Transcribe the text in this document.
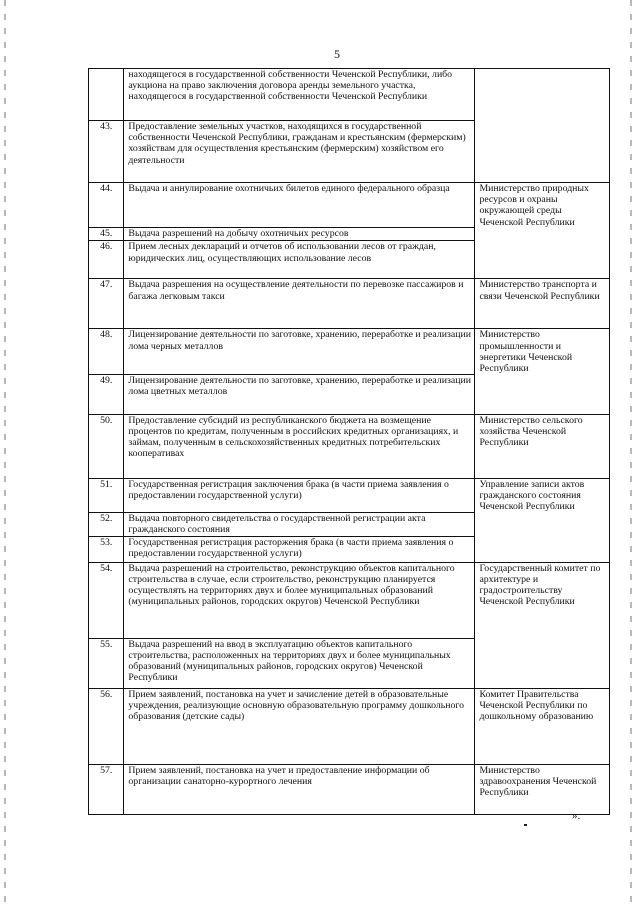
5
	находящегося в государственной собственности Чеченской Республики, либо аукциона на право заключения договора аренды земельного участка, находящегося в государственной собственности Чеченской Республики	
43.	Предоставление земельных участков, находящихся в государственной собственности Чеченской Республики, гражданам и крестьянским (фермерским) хозяйствам для осуществления крестьянским (фермерским) хозяйством его деятельности	
44.	Выдача и аннулирование охотничьих билетов единого федерального образца	Министерство природных ресурсов и охраны окружающей среды Чеченской Республики
45.	Выдача разрешений на добычу охотничьих ресурсов	
46.	Прием лесных деклараций и отчетов об использовании лесов от граждан, юридических лиц, осуществляющих использование лесов	
47.	Выдача разрешения на осуществление деятельности по перевозке пассажиров и багажа легковым такси	Министерство транспорта и связи Чеченской Республики
48.	Лицензирование деятельности по заготовке, хранению, переработке и реализации лома черных металлов	Министерство промышленности и энергетики Чеченской Республики
49.	Лицензирование деятельности по заготовке, хранению, переработке и реализации лома цветных металлов	
50.	Предоставление субсидий из республиканского бюджета на возмещение процентов по кредитам, полученным в российских кредитных организациях, и займам, полученным в сельскохозяйственных кредитных потребительских кооперативах	Министерство сельского хозяйства Чеченской Республики
51.	Государственная регистрация заключения брака (в части приема заявления о предоставлении государственной услуги)	Управление записи актов гражданского состояния Чеченской Республики
52.	Выдача повторного свидетельства о государственной регистрации акта гражданского состояния	
53.	Государственная регистрация расторжения брака (в части приема заявления о предоставлении государственной услуги)	
54.	Выдача разрешений на строительство, реконструкцию объектов капитального строительства в случае, если строительство, реконструкцию планируется осуществлять на территориях двух и более муниципальных образований (муниципальных районов, городских округов) Чеченской Республики	Государственный комитет по архитектуре и градостроительству Чеченской Республики
55.	Выдача разрешений на ввод в эксплуатацию объектов капитального строительства, расположенных на территориях двух и более муниципальных образований (муниципальных районов, городских округов) Чеченской Республики	
56.	Прием заявлений, постановка на учет и зачисление детей в образовательные учреждения, реализующие основную образовательную программу дошкольного образования (детские сады)	Комитет Правительства Чеченской Республики по дошкольному образованию
57.	Прием заявлений, постановка на учет и предоставление информации об организации санаторно-курортного лечения	Министерство здравоохранения Чеченской Республики
».
